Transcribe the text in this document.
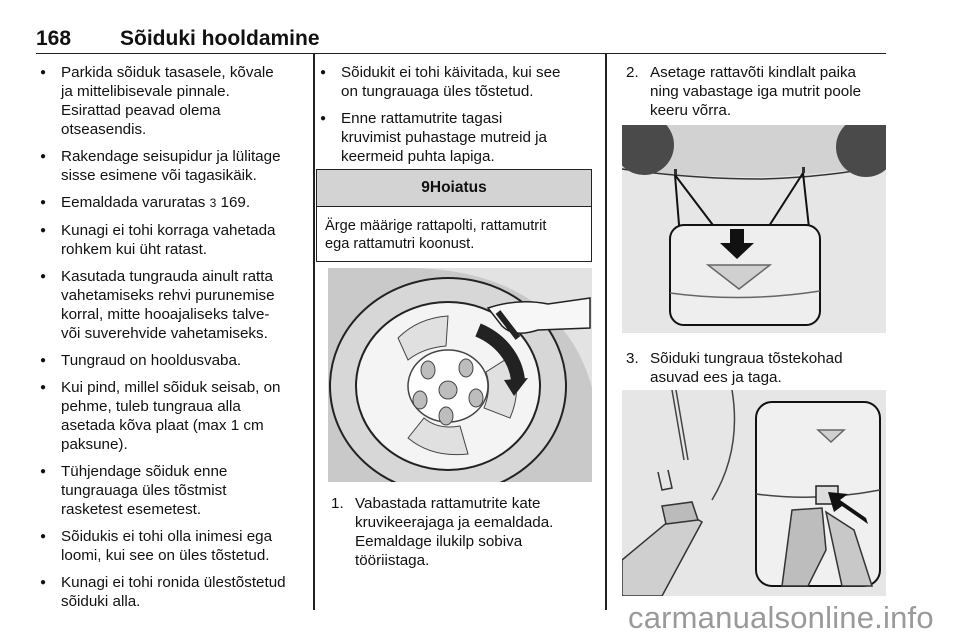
168 Sõiduki hooldamine
● Parkida sõiduk tasasele, kõvale
ja mittelibisevale pinnale.
Esirattad peavad olema
otseasendis.
● Rakendage seisupidur ja lülitage
sisse esimene või tagasikäik.
● Eemaldada varuratas 3 169.
● Kunagi ei tohi korraga vahetada
rohkem kui üht ratast.
● Kasutada tungrauda ainult ratta
vahetamiseks rehvi purunemise
korral, mitte hooajaliseks talve-
või suverehvide vahetamiseks.
● Tungraud on hooldusvaba.
● Kui pind, millel sõiduk seisab, on
pehme, tuleb tungraua alla
asetada kõva plaat (max 1 cm
paksune).
● Tühjendage sõiduk enne
tungrauaga üles tõstmist
rasketest esemetest.
● Sõidukis ei tohi olla inimesi ega
loomi, kui see on üles tõstetud.
● Kunagi ei tohi ronida ülestõstetud
sõiduki alla.
● Sõidukit ei tohi käivitada, kui see
on tungrauaga üles tõstetud.
● Enne rattamutrite tagasi
kruvimist puhastage mutreid ja
keermeid puhta lapiga.
9Hoiatus
Ärge määrige rattapolti, rattamutrit
ega rattamutri koonust.
1. Vabastada rattamutrite kate
kruvikeerajaga ja eemaldada.
Eemaldage ilukilp sobiva
tööriistaga.
2. Asetage rattavõti kindlalt paika
ning vabastage iga mutrit poole
keeru võrra.
3. Sõiduki tungraua tõstekohad
asuvad ees ja taga.
carmanualsonline.info
